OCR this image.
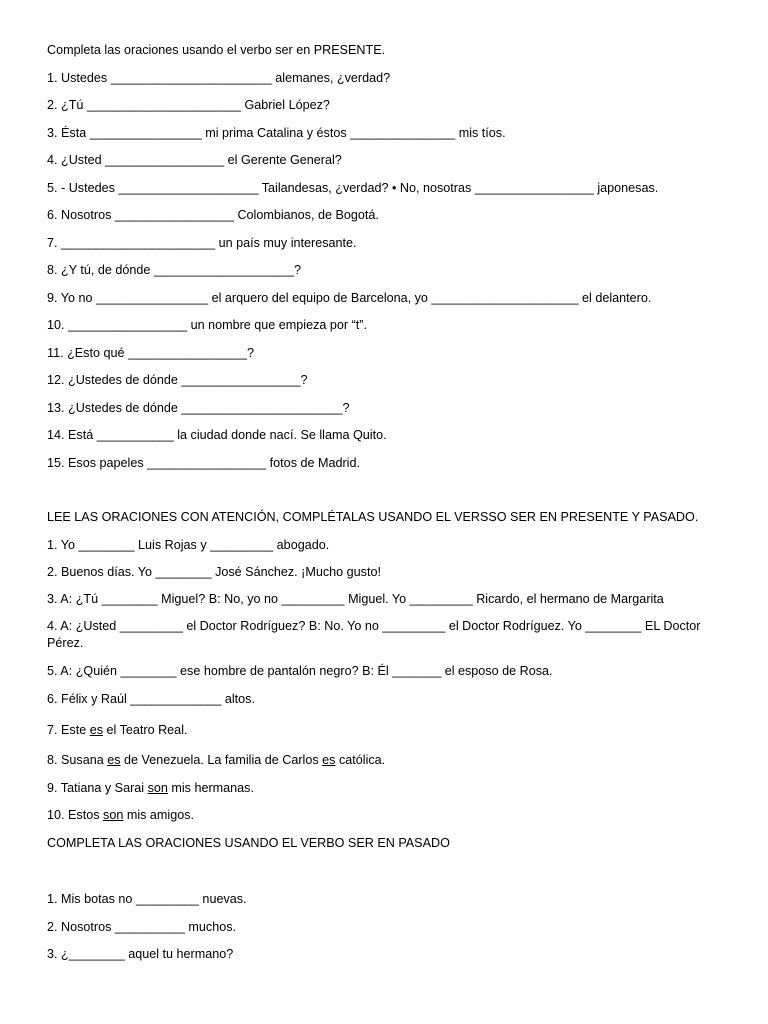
Completa las oraciones usando el verbo ser en PRESENTE.
1. Ustedes _______________________ alemanes, ¿verdad?
2. ¿Tú ______________________ Gabriel López?
3. Ésta ________________ mi prima Catalina y éstos _______________ mis tíos.
4. ¿Usted _________________ el Gerente General?
5. - Ustedes ____________________ Tailandesas, ¿verdad? • No, nosotras _________________ japonesas.
6. Nosotros _________________ Colombianos, de Bogotá.
7. ______________________ un país muy interesante.
8. ¿Y tú, de dónde ____________________?
9. Yo no ________________ el arquero del equipo de Barcelona, yo _____________________ el delantero.
10. _________________ un nombre que empieza por “t”.
11. ¿Esto qué _________________?
12. ¿Ustedes de dónde _________________?
13. ¿Ustedes de dónde _______________________?
14. Está ___________ la ciudad donde nací. Se llama Quito.
15. Esos papeles _________________ fotos de Madrid.
LEE LAS ORACIONES CON ATENCIÓN, COMPLÉTALAS USANDO EL VERSSO SER EN PRESENTE Y PASADO.
1. Yo ________ Luis Rojas y _________ abogado.
2. Buenos días. Yo ________ José Sánchez. ¡Mucho gusto!
3. A: ¿Tú ________ Miguel? B: No, yo no _________ Miguel. Yo _________ Ricardo, el hermano de Margarita
4. A: ¿Usted _________ el Doctor Rodríguez? B: No. Yo no _________ el Doctor Rodríguez. Yo ________ EL Doctor Pérez.
5. A: ¿Quién ________ ese hombre de pantalón negro? B: Él _______ el esposo de Rosa.
6. Félix y Raúl _____________ altos.
7. Este es el Teatro Real.
8. Susana es de Venezuela. La familia de Carlos es católica.
9. Tatiana y Sarai son mis hermanas.
10. Estos son mis amigos.
COMPLETA LAS ORACIONES USANDO EL VERBO SER EN PASADO
1. Mis botas no _________ nuevas.
2. Nosotros __________ muchos.
3. ¿________ aquel tu hermano?
